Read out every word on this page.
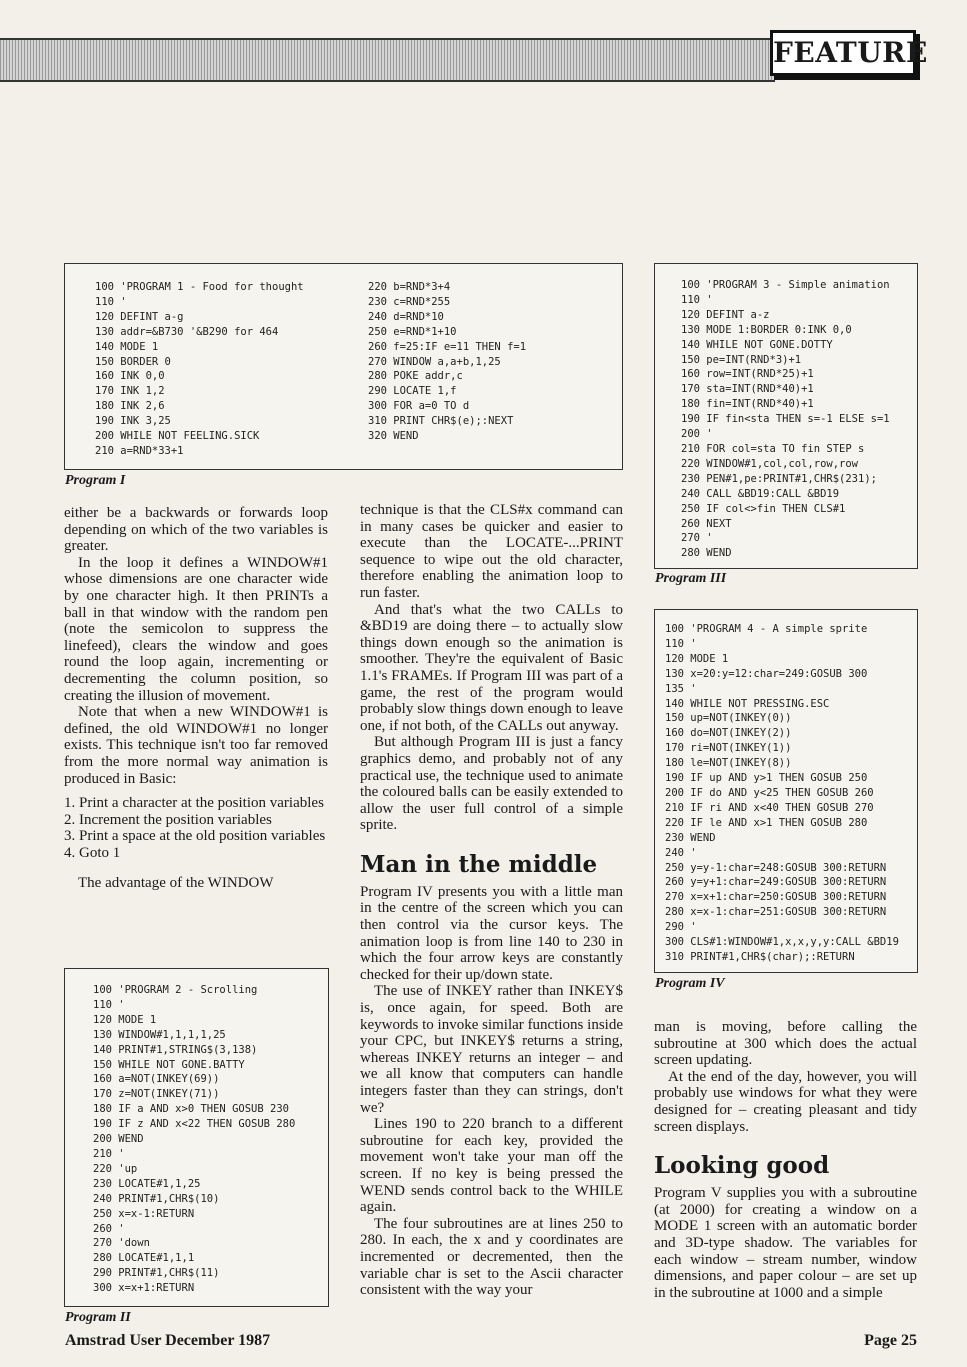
FEATURE
100 'PROGRAM 1 - Food for thought
110 '
120 DEFINT a-g
130 addr=&B730 '&B290 for 464
140 MODE 1
150 BORDER 0
160 INK 0,0
170 INK 1,2
180 INK 2,6
190 INK 3,25
200 WHILE NOT FEELING.SICK
210 a=RND*33+1
220 b=RND*3+4
230 c=RND*255
240 d=RND*10
250 e=RND*1+10
260 f=25:IF e=11 THEN f=1
270 WINDOW a,a+b,1,25
280 POKE addr,c
290 LOCATE 1,f
300 FOR a=0 TO d
310 PRINT CHR$(e);:NEXT
320 WEND
Program I
100 'PROGRAM 3 - Simple animation
110 '
120 DEFINT a-z
130 MODE 1:BORDER 0:INK 0,0
140 WHILE NOT GONE.DOTTY
150 pe=INT(RND*3)+1
160 row=INT(RND*25)+1
170 sta=INT(RND*40)+1
180 fin=INT(RND*40)+1
190 IF fin<sta THEN s=-1 ELSE s=1
200 '
210 FOR col=sta TO fin STEP s
220 WINDOW#1,col,col,row,row
230 PEN#1,pe:PRINT#1,CHR$(231);
240 CALL &BD19:CALL &BD19
250 IF col<>fin THEN CLS#1
260 NEXT
270 '
280 WEND
Program III
100 'PROGRAM 4 - A simple sprite
110 '
120 MODE 1
130 x=20:y=12:char=249:GOSUB 300
135 '
140 WHILE NOT PRESSING.ESC
150 up=NOT(INKEY(0))
160 do=NOT(INKEY(2))
170 ri=NOT(INKEY(1))
180 le=NOT(INKEY(8))
190 IF up AND y>1 THEN GOSUB 250
200 IF do AND y<25 THEN GOSUB 260
210 IF ri AND x<40 THEN GOSUB 270
220 IF le AND x>1 THEN GOSUB 280
230 WEND
240 '
250 y=y-1:char=248:GOSUB 300:RETURN
260 y=y+1:char=249:GOSUB 300:RETURN
270 x=x+1:char=250:GOSUB 300:RETURN
280 x=x-1:char=251:GOSUB 300:RETURN
290 '
300 CLS#1:WINDOW#1,x,x,y,y:CALL &BD19
310 PRINT#1,CHR$(char);:RETURN
Program IV
100 'PROGRAM 2 - Scrolling
110 '
120 MODE 1
130 WINDOW#1,1,1,1,25
140 PRINT#1,STRING$(3,138)
150 WHILE NOT GONE.BATTY
160 a=NOT(INKEY(69))
170 z=NOT(INKEY(71))
180 IF a AND x>0 THEN GOSUB 230
190 IF z AND x<22 THEN GOSUB 280
200 WEND
210 '
220 'up
230 LOCATE#1,1,25
240 PRINT#1,CHR$(10)
250 x=x-1:RETURN
260 '
270 'down
280 LOCATE#1,1,1
290 PRINT#1,CHR$(11)
300 x=x+1:RETURN
Program II

either be a backwards or forwards loop depending on which of the two variables is greater.

In the loop it defines a WINDOW#1 whose dimensions are one character wide by one character high. It then PRINTs a ball in that window with the random pen (note the semicolon to suppress the linefeed), clears the window and goes round the loop again, incrementing or decrementing the column position, so creating the illusion of movement.

Note that when a new WINDOW#1 is defined, the old WINDOW#1 no longer exists. This technique isn't too far removed from the more normal way animation is produced in Basic:

1. Print a character at the position variables
2. Increment the position variables
3. Print a space at the old position variables
4. Goto 1

The advantage of the WINDOW

technique is that the CLS#x command can in many cases be quicker and easier to execute than the LOCATE-...PRINT sequence to wipe out the old character, therefore enabling the animation loop to run faster.

And that's what the two CALLs to &BD19 are doing there – to actually slow things down enough so the animation is smoother. They're the equivalent of Basic 1.1's FRAMEs. If Program III was part of a game, the rest of the program would probably slow things down enough to leave one, if not both, of the CALLs out anyway.

But although Program III is just a fancy graphics demo, and probably not of any practical use, the technique used to animate the coloured balls can be easily extended to allow the user full control of a simple sprite.

Man in the middle

Program IV presents you with a little man in the centre of the screen which you can then control via the cursor keys. The animation loop is from line 140 to 230 in which the four arrow keys are constantly checked for their up/down state.

The use of INKEY rather than INKEY$ is, once again, for speed. Both are keywords to invoke similar functions inside your CPC, but INKEY$ returns a string, whereas INKEY returns an integer – and we all know that computers can handle integers faster than they can strings, don't we?

Lines 190 to 220 branch to a different subroutine for each key, provided the movement won't take your man off the screen. If no key is being pressed the WEND sends control back to the WHILE again.

The four subroutines are at lines 250 to 280. In each, the x and y coordinates are incremented or decremented, then the variable char is set to the Ascii character consistent with the way your

man is moving, before calling the subroutine at 300 which does the actual screen updating.

At the end of the day, however, you will probably use windows for what they were designed for – creating pleasant and tidy screen displays.

Looking good

Program V supplies you with a subroutine (at 2000) for creating a window on a MODE 1 screen with an automatic border and 3D-type shadow. The variables for each window – stream number, window dimensions, and paper colour – are set up in the subroutine at 1000 and a simple

Amstrad User December 1987	Page 25
